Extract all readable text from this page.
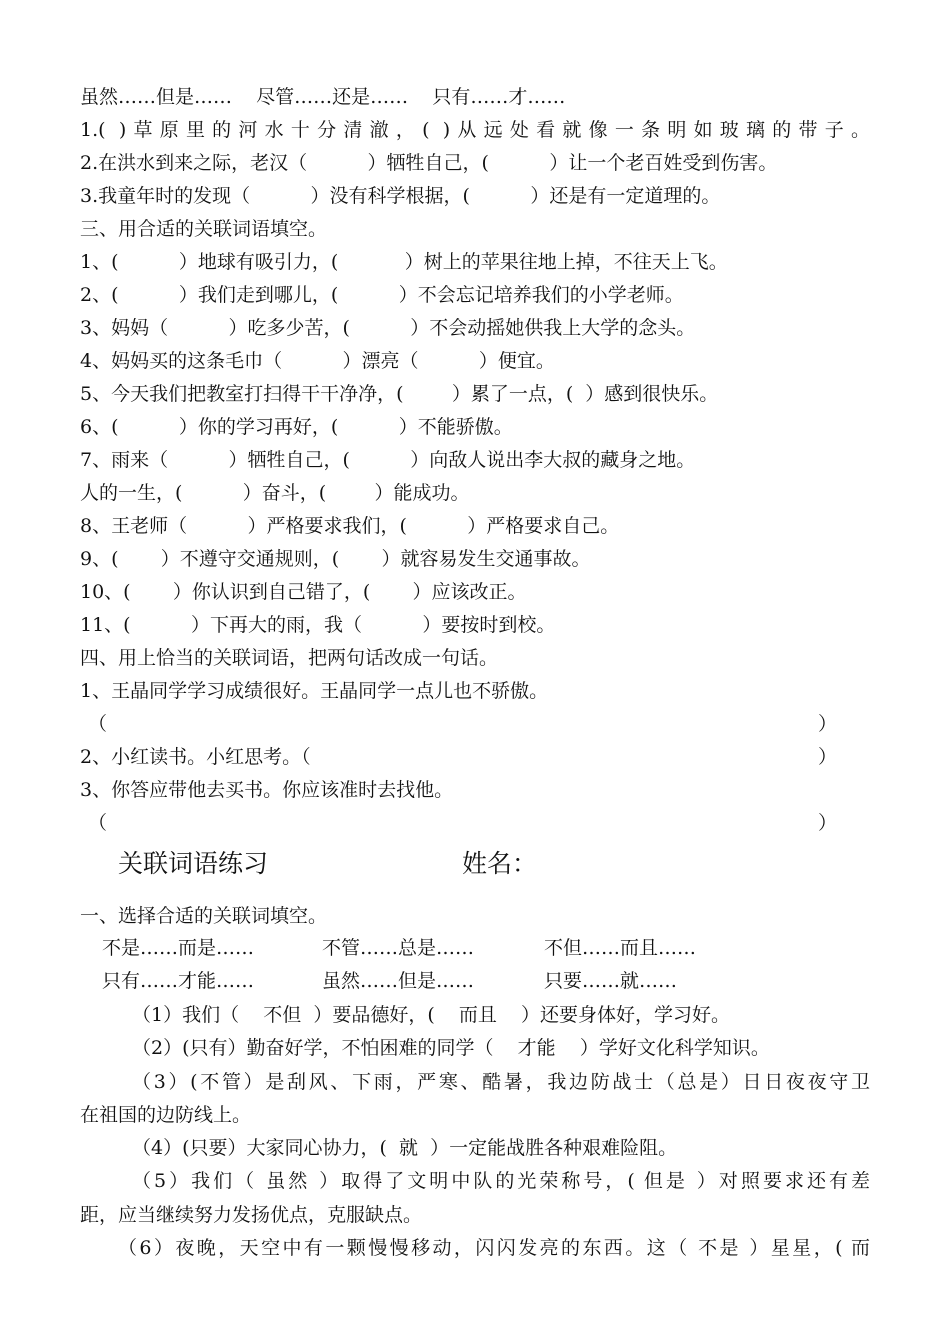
虽然……但是……    尽管……还是……    只有……才……
1.( )草原里的河水十分清澈，( )从远处看就像一条明如玻璃的带子。
2.在洪水到来之际，老汉（          ）牺牲自己，(          ）让一个老百姓受到伤害。
3.我童年时的发现（          ）没有科学根据，(          ）还是有一定道理的。
三、用合适的关联词语填空。
1、(          ）地球有吸引力，(           ）树上的苹果往地上掉，不往天上飞。
2、(          ）我们走到哪儿，(          ）不会忘记培养我们的小学老师。
3、妈妈（          ）吃多少苦，(          ）不会动摇她供我上大学的念头。
4、妈妈买的这条毛巾（          ）漂亮（          ）便宜。
5、今天我们把教室打扫得干干净净，(        ）累了一点，(  ）感到很快乐。
6、(          ）你的学习再好，(          ）不能骄傲。
7、雨来（          ）牺牲自己，(          ）向敌人说出李大叔的藏身之地。
人的一生，(          ）奋斗，(        ）能成功。
8、王老师（          ）严格要求我们，(          ）严格要求自己。
9、(       ）不遵守交通规则，(       ）就容易发生交通事故。
10、(       ）你认识到自己错了，(       ）应该改正。
11、(          ）下再大的雨，我（          ）要按时到校。
四、用上恰当的关联词语，把两句话改成一句话。
1、王晶同学学习成绩很好。王晶同学一点儿也不骄傲。
（	）
2、小红读书。小红思考。（	）
3、你答应带他去买书。你应该准时去找他。
（	）
关联词语练习	姓名：
一、选择合适的关联词填空。
不是……而是……	不管……总是……	不但……而且……
只有……才能……	虽然……但是……	只要……就……
（1）我们（    不但  ）要品德好，(    而且    ）还要身体好，学习好。
（2）(只有）勤奋好学，不怕困难的同学（    才能    ）学好文化科学知识。
（3）(不管）是刮风、下雨，严寒、酷暑，我边防战士（总是）日日夜夜守卫
在祖国的边防线上。
（4）(只要）大家同心协力，(  就  ）一定能战胜各种艰难险阻。
（5）我们（ 虽然 ）取得了文明中队的光荣称号，( 但是 ）对照要求还有差
距，应当继续努力发扬优点，克服缺点。
（6）夜晚，天空中有一颗慢慢移动，闪闪发亮的东西。这（ 不是 ）星星，( 而
